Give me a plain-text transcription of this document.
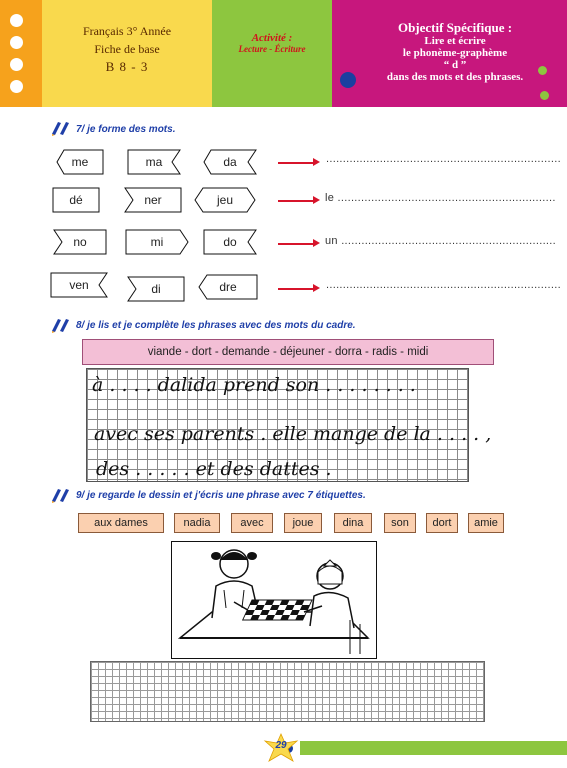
Français 3° Année
Fiche de base
B 8 - 3
Activité :
Lecture - Écriture
Objectif Spécifique :
Lire et écrire
le phonème-graphème
“ d ”
dans des mots et des phrases.
7/ je forme des mots.
me	ma	da	......................................................................
dé	ner	jeu	le .................................................................
no	mi	do	un ................................................................
ven	di	dre	......................................................................
8/ je lis et je complète les phrases avec des mots du cadre.
viande - dort - demande - déjeuner - dorra - radis - midi
à . . . . dalida prend son . . . . . . . .
avec ses parents . elle mange de la . . . . ,
des . . . . . et des dattes .
9/ je regarde le dessin et j'écris une phrase avec 7 étiquettes.
aux dames	nadia	avec	joue	dina	son	dort	amie
29
